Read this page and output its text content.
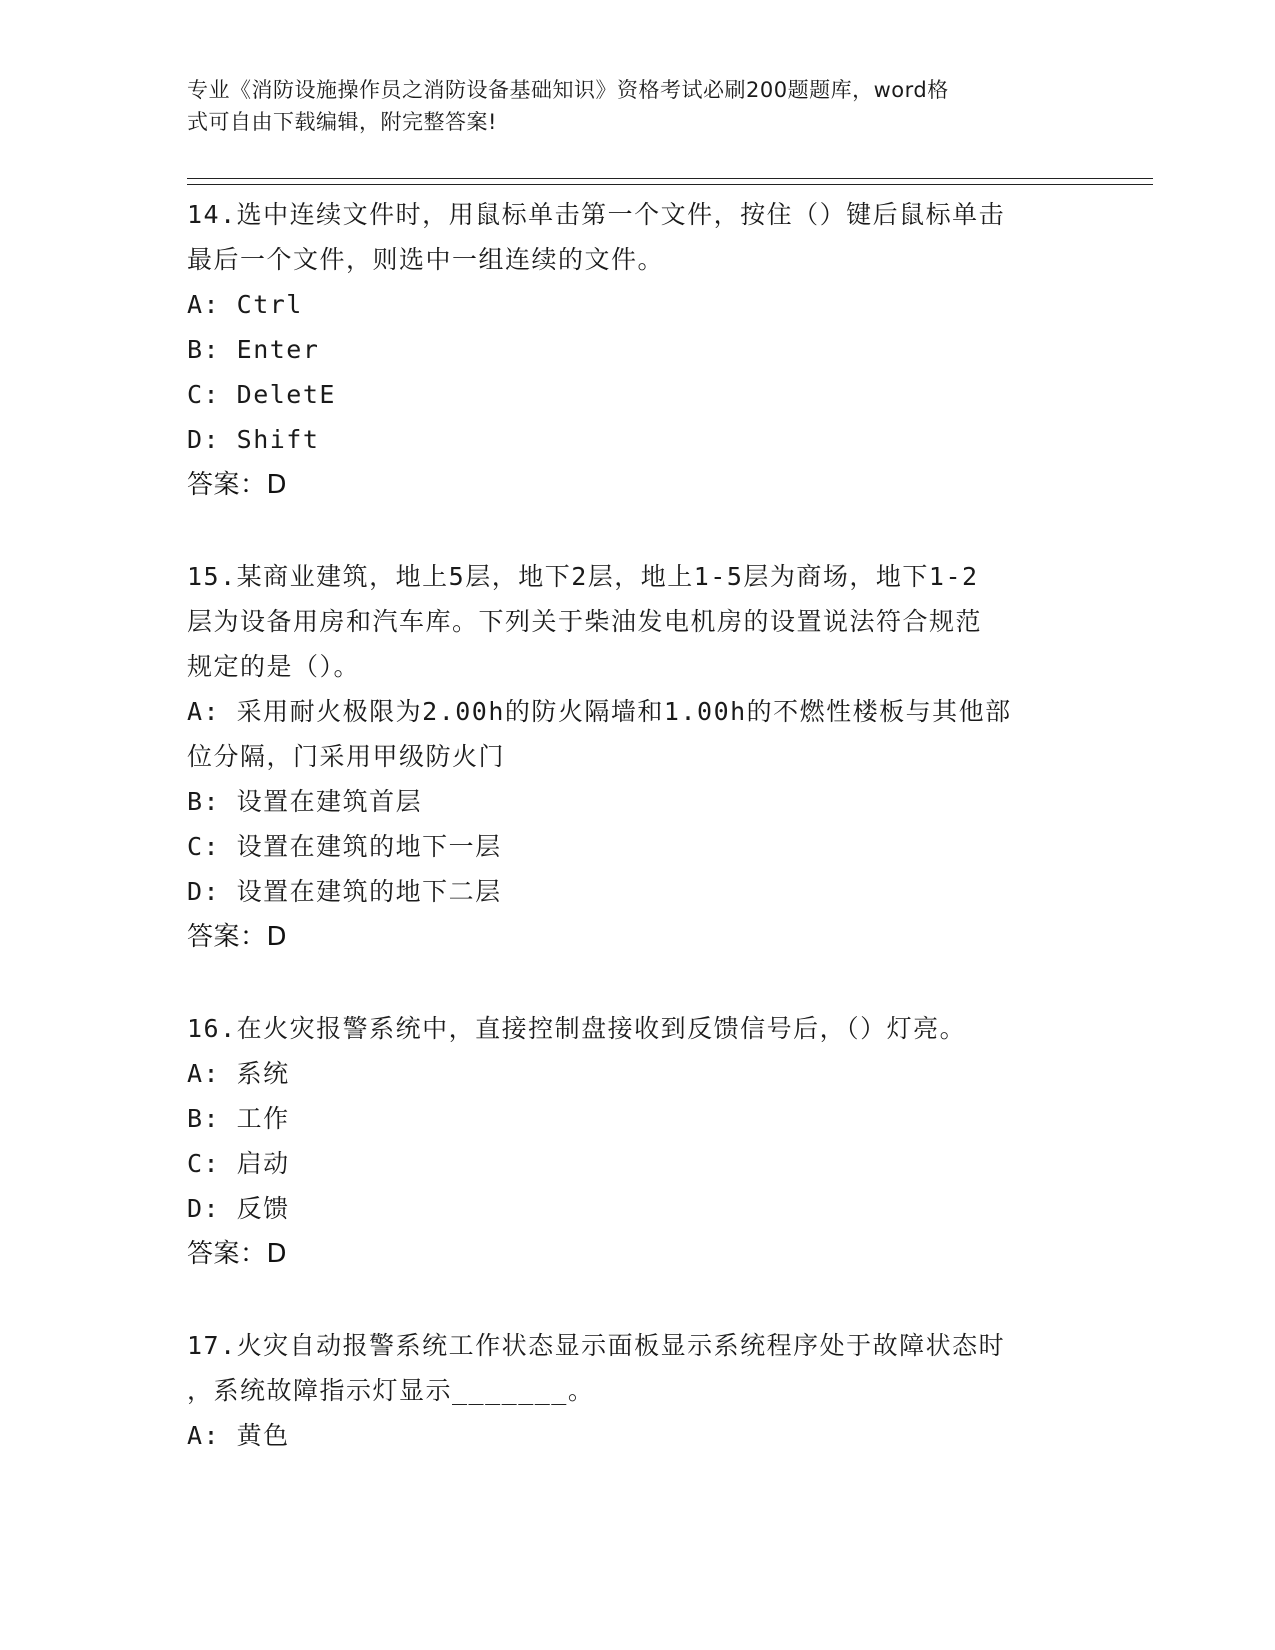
专业《消防设施操作员之消防设备基础知识》资格考试必刷200题题库，word格
式可自由下载编辑，附完整答案!
14.选中连续文件时，用鼠标单击第一个文件，按住（）键后鼠标单击
最后一个文件，则选中一组连续的文件。
A: Ctrl
B: Enter
C: DeletE
D: Shift
答案：D
15.某商业建筑，地上5层，地下2层，地上1-5层为商场，地下1-2
层为设备用房和汽车库。下列关于柴油发电机房的设置说法符合规范
规定的是（）。
A: 采用耐火极限为2.00h的防火隔墙和1.00h的不燃性楼板与其他部
位分隔，门采用甲级防火门
B: 设置在建筑首层
C: 设置在建筑的地下一层
D: 设置在建筑的地下二层
答案：D
16.在火灾报警系统中，直接控制盘接收到反馈信号后，（）灯亮。
A: 系统
B: 工作
C: 启动
D: 反馈
答案：D
17.火灾自动报警系统工作状态显示面板显示系统程序处于故障状态时
，系统故障指示灯显示_______。
A: 黄色
